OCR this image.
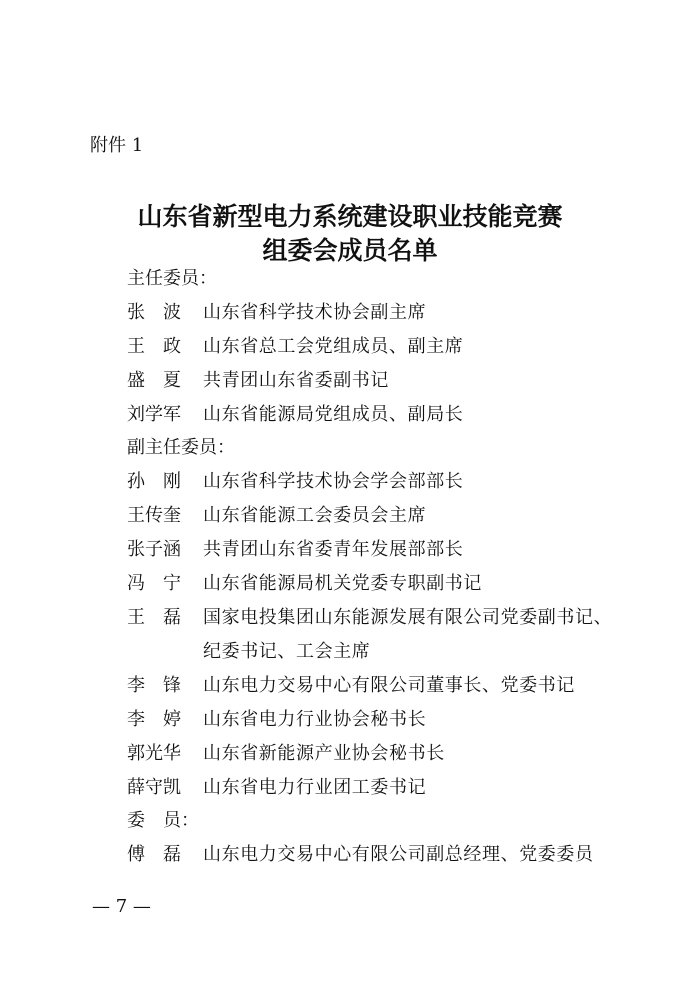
附件 1
山东省新型电力系统建设职业技能竞赛
组委会成员名单
主任委员：
张　波	山东省科学技术协会副主席
王　政	山东省总工会党组成员、副主席
盛　夏	共青团山东省委副书记
刘学军	山东省能源局党组成员、副局长
副主任委员：
孙　刚	山东省科学技术协会学会部部长
王传奎	山东省能源工会委员会主席
张子涵	共青团山东省委青年发展部部长
冯　宁	山东省能源局机关党委专职副书记
王　磊	国家电投集团山东能源发展有限公司党委副书记、
纪委书记、工会主席
李　锋	山东电力交易中心有限公司董事长、党委书记
李　婷	山东省电力行业协会秘书长
郭光华	山东省新能源产业协会秘书长
薛守凯	山东省电力行业团工委书记
委　员：
傅　磊	山东电力交易中心有限公司副总经理、党委委员
— 7 —
